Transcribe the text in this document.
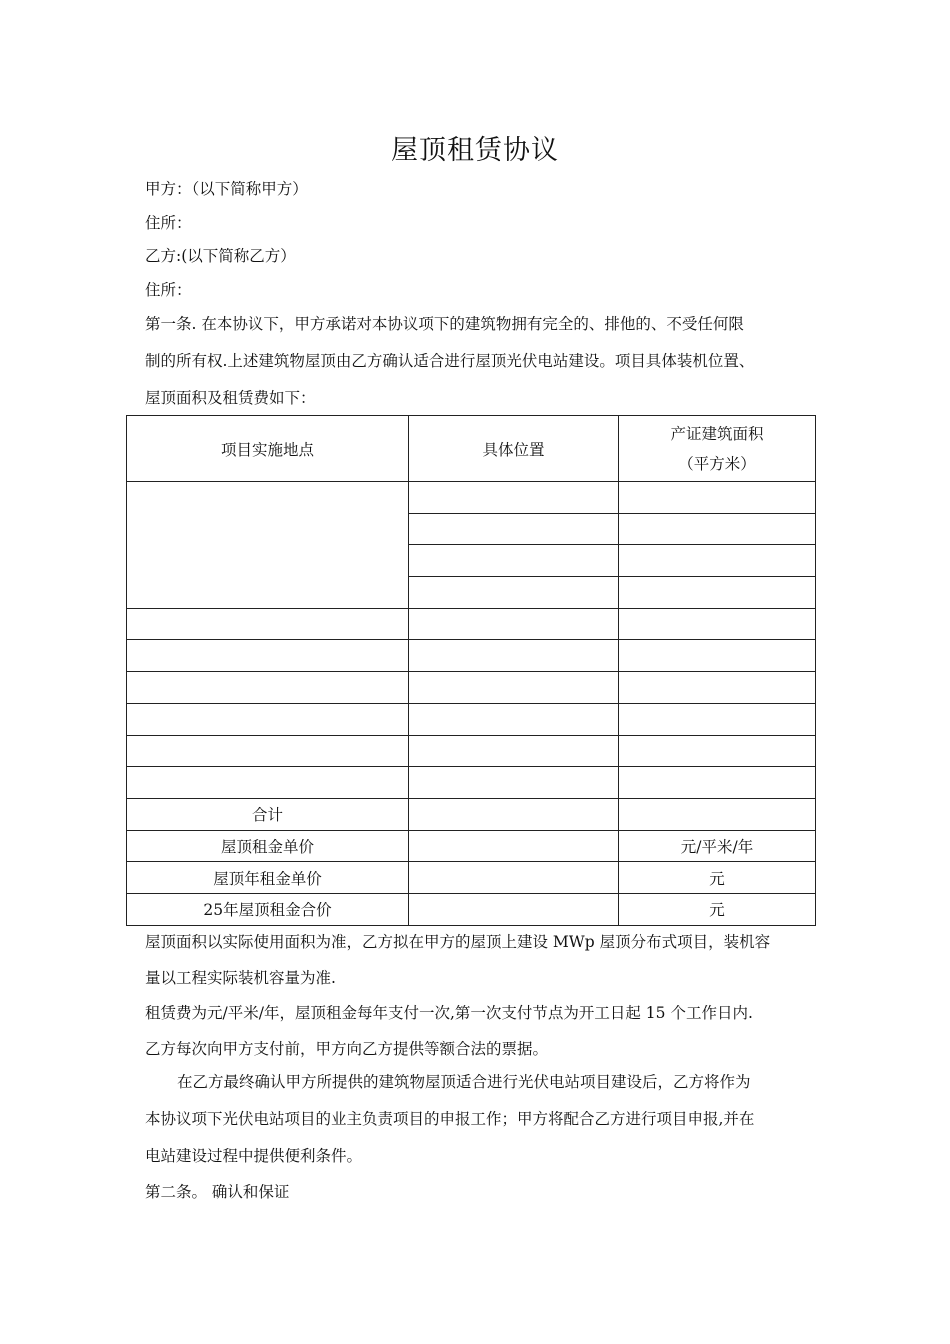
屋顶租赁协议
甲方：（以下简称甲方）
住所：
乙方:(以下简称乙方）
住所：
第一条. 在本协议下，甲方承诺对本协议项下的建筑物拥有完全的、排他的、不受任何限
制的所有权.上述建筑物屋顶由乙方确认适合进行屋顶光伏电站建设。项目具体装机位置、
屋顶面积及租赁费如下：
项目实施地点	具体位置	产证建筑面积
（平方米）

合计		
屋顶租金单价		元/平米/年
屋顶年租金单价		元
25年屋顶租金合价		元
屋顶面积以实际使用面积为准，乙方拟在甲方的屋顶上建设 MWp 屋顶分布式项目，装机容
量以工程实际装机容量为准.
租赁费为元/平米/年，屋顶租金每年支付一次,第一次支付节点为开工日起 15 个工作日内.
乙方每次向甲方支付前，甲方向乙方提供等额合法的票据。
在乙方最终确认甲方所提供的建筑物屋顶适合进行光伏电站项目建设后，乙方将作为
本协议项下光伏电站项目的业主负责项目的申报工作；甲方将配合乙方进行项目申报,并在
电站建设过程中提供便利条件。
第二条。 确认和保证
